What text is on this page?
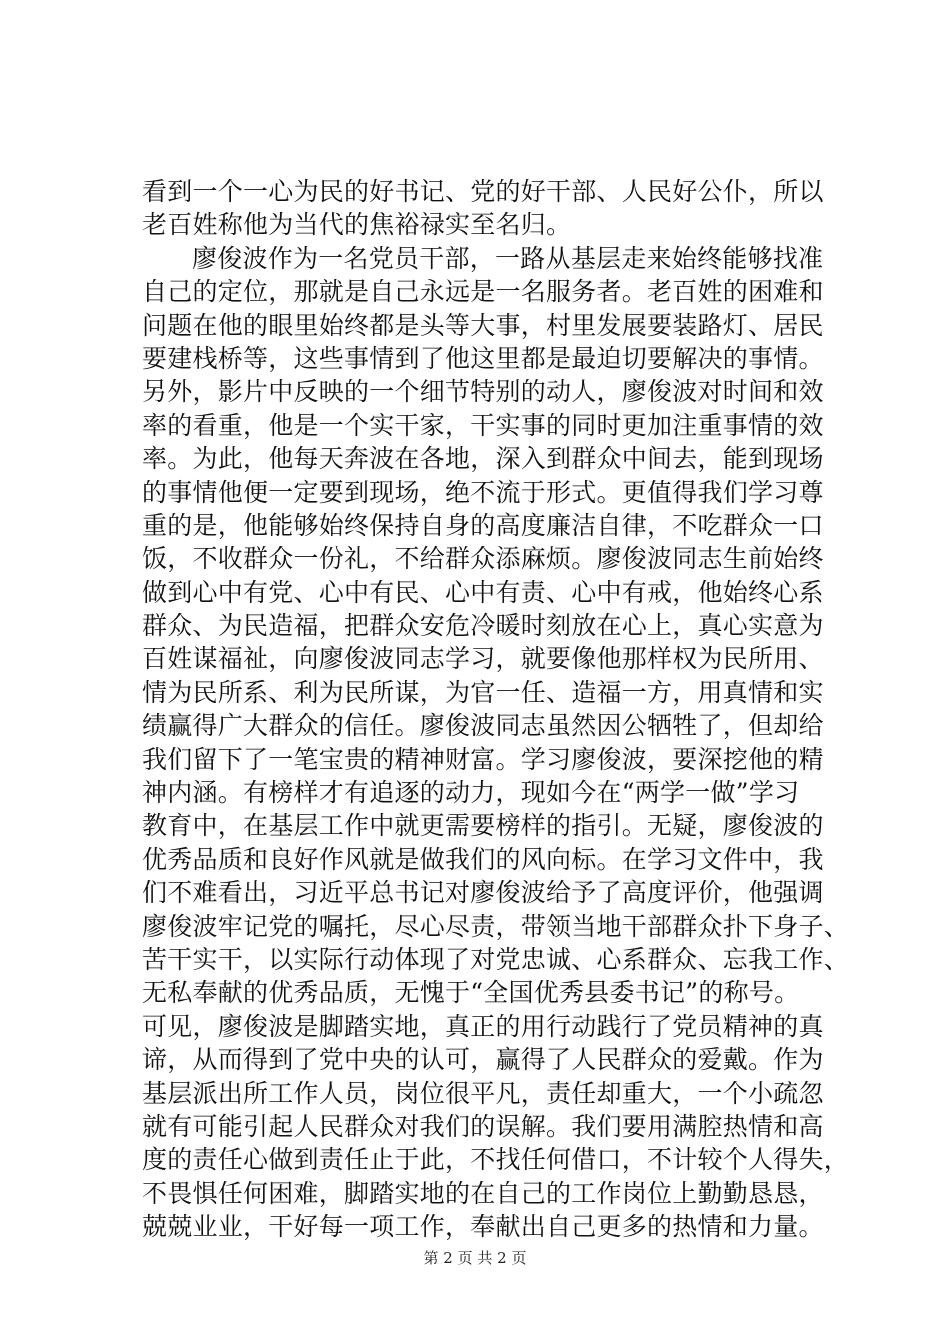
看到一个一心为民的好书记、党的好干部、人民好公仆，所以
老百姓称他为当代的焦裕禄实至名归。
廖俊波作为一名党员干部，一路从基层走来始终能够找准
自己的定位，那就是自己永远是一名服务者。老百姓的困难和
问题在他的眼里始终都是头等大事，村里发展要装路灯、居民
要建栈桥等，这些事情到了他这里都是最迫切要解决的事情。
另外，影片中反映的一个细节特别的动人，廖俊波对时间和效
率的看重，他是一个实干家，干实事的同时更加注重事情的效
率。为此，他每天奔波在各地，深入到群众中间去，能到现场
的事情他便一定要到现场，绝不流于形式。更值得我们学习尊
重的是，他能够始终保持自身的高度廉洁自律，不吃群众一口
饭，不收群众一份礼，不给群众添麻烦。廖俊波同志生前始终
做到心中有党、心中有民、心中有责、心中有戒，他始终心系
群众、为民造福，把群众安危冷暖时刻放在心上，真心实意为
百姓谋福祉，向廖俊波同志学习，就要像他那样权为民所用、
情为民所系、利为民所谋，为官一任、造福一方，用真情和实
绩赢得广大群众的信任。廖俊波同志虽然因公牺牲了，但却给
我们留下了一笔宝贵的精神财富。学习廖俊波，要深挖他的精
神内涵。有榜样才有追逐的动力，现如今在“两学一做”学习
教育中，在基层工作中就更需要榜样的指引。无疑，廖俊波的
优秀品质和良好作风就是做我们的风向标。在学习文件中，我
们不难看出，习近平总书记对廖俊波给予了高度评价，他强调
廖俊波牢记党的嘱托，尽心尽责，带领当地干部群众扑下身子、
苦干实干，以实际行动体现了对党忠诚、心系群众、忘我工作、
无私奉献的优秀品质，无愧于“全国优秀县委书记”的称号。
可见，廖俊波是脚踏实地，真正的用行动践行了党员精神的真
谛，从而得到了党中央的认可，赢得了人民群众的爱戴。作为
基层派出所工作人员，岗位很平凡，责任却重大，一个小疏忽
就有可能引起人民群众对我们的误解。我们要用满腔热情和高
度的责任心做到责任止于此，不找任何借口，不计较个人得失，
不畏惧任何困难，脚踏实地的在自己的工作岗位上勤勤恳恳，
兢兢业业，干好每一项工作，奉献出自己更多的热情和力量。
第 2 页 共 2 页
